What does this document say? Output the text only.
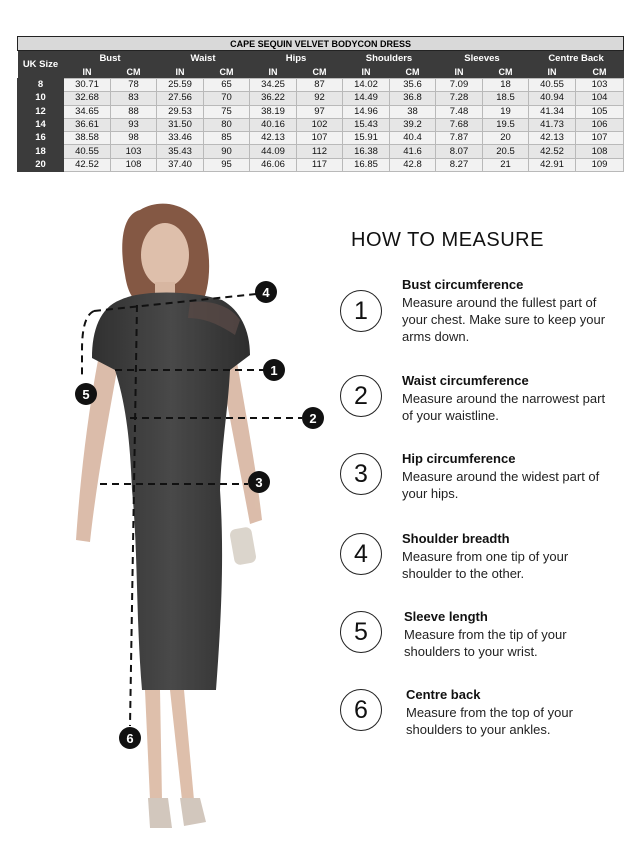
CAPE SEQUIN VELVET BODYCON DRESS												
UK Size	Bust		Waist		Hips		Shoulders		Sleeves		Centre Back	
	IN	CM	IN	CM	IN	CM	IN	CM	IN	CM	IN	CM
8	30.71	78	25.59	65	34.25	87	14.02	35.6	7.09	18	40.55	103
10	32.68	83	27.56	70	36.22	92	14.49	36.8	7.28	18.5	40.94	104
12	34.65	88	29.53	75	38.19	97	14.96	38	7.48	19	41.34	105
14	36.61	93	31.50	80	40.16	102	15.43	39.2	7.68	19.5	41.73	106
16	38.58	98	33.46	85	42.13	107	15.91	40.4	7.87	20	42.13	107
18	40.55	103	35.43	90	44.09	112	16.38	41.6	8.07	20.5	42.52	108
20	42.52	108	37.40	95	46.06	117	16.85	42.8	8.27	21	42.91	109
4
1
5
2
3
6
HOW TO MEASURE
1
Bust circumference
Measure around the fullest part of your chest. Make sure to keep your arms down.
2
Waist circumference
Measure around the narrowest part of your waistline.
3
Hip circumference
Measure around the widest part of your hips.
4
Shoulder breadth
Measure from one tip of your shoulder to the other.
5
Sleeve length
Measure from the tip of your shoulders to your wrist.
6
Centre back
Measure from the top of your shoulders to your ankles.
